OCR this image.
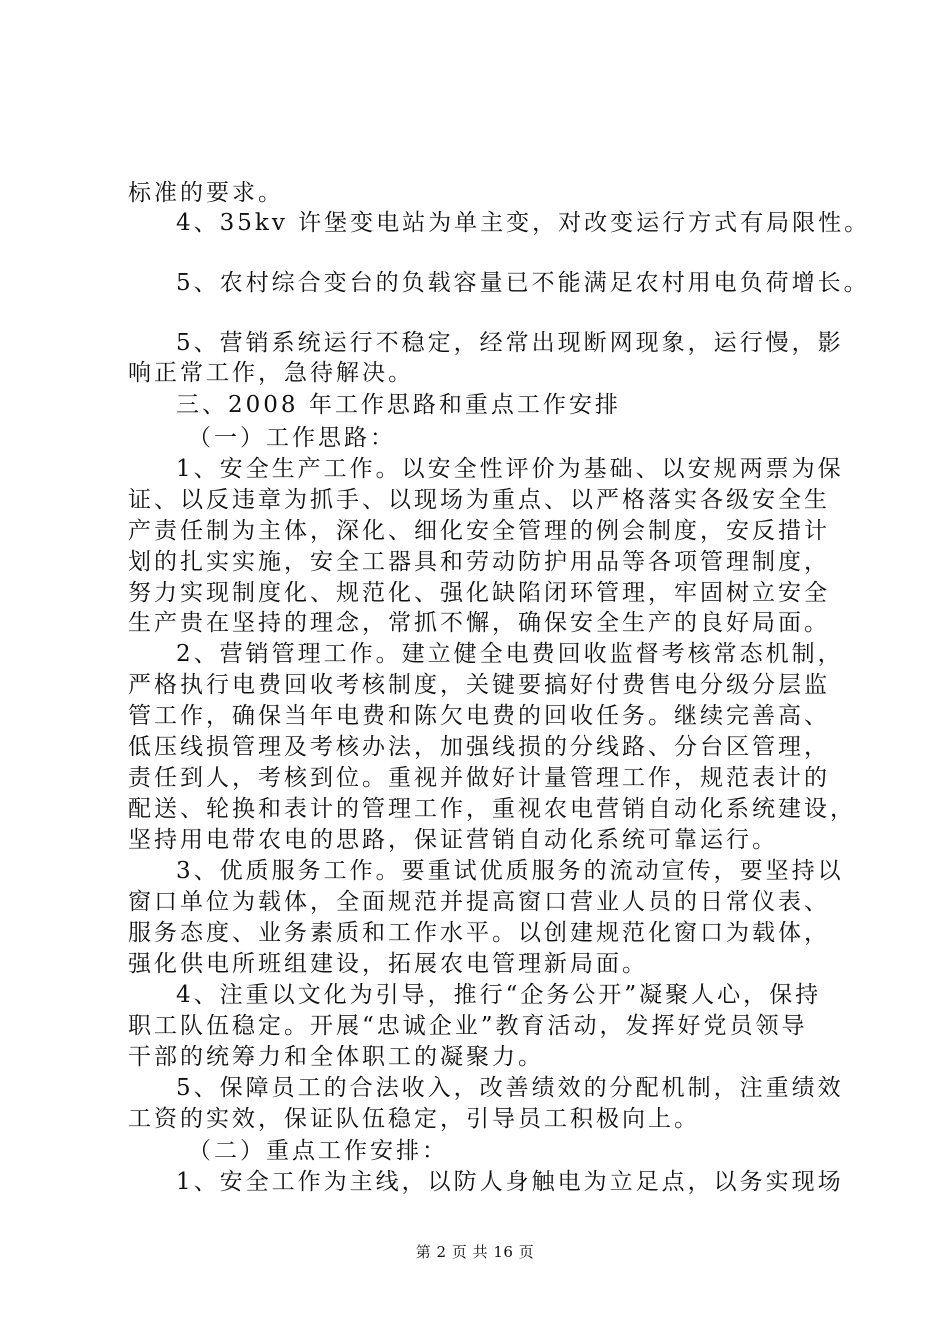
标准的要求。
4、35kv 许堡变电站为单主变，对改变运行方式有局限性。
5、农村综合变台的负载容量已不能满足农村用电负荷增长。
5、营销系统运行不稳定，经常出现断网现象，运行慢，影
响正常工作，急待解决。
三、2008 年工作思路和重点工作安排
（一）工作思路：
1、安全生产工作。以安全性评价为基础、以安规两票为保
证、以反违章为抓手、以现场为重点、以严格落实各级安全生
产责任制为主体，深化、细化安全管理的例会制度，安反措计
划的扎实实施，安全工器具和劳动防护用品等各项管理制度，
努力实现制度化、规范化、强化缺陷闭环管理，牢固树立安全
生产贵在坚持的理念，常抓不懈，确保安全生产的良好局面。
2、营销管理工作。建立健全电费回收监督考核常态机制，
严格执行电费回收考核制度，关键要搞好付费售电分级分层监
管工作，确保当年电费和陈欠电费的回收任务。继续完善高、
低压线损管理及考核办法，加强线损的分线路、分台区管理，
责任到人，考核到位。重视并做好计量管理工作，规范表计的
配送、轮换和表计的管理工作，重视农电营销自动化系统建设，
坚持用电带农电的思路，保证营销自动化系统可靠运行。
3、优质服务工作。要重试优质服务的流动宣传，要坚持以
窗口单位为载体，全面规范并提高窗口营业人员的日常仪表、
服务态度、业务素质和工作水平。以创建规范化窗口为载体，
强化供电所班组建设，拓展农电管理新局面。
4、注重以文化为引导，推行“企务公开”凝聚人心，保持
职工队伍稳定。开展“忠诚企业”教育活动，发挥好党员领导
干部的统筹力和全体职工的凝聚力。
5、保障员工的合法收入，改善绩效的分配机制，注重绩效
工资的实效，保证队伍稳定，引导员工积极向上。
（二）重点工作安排：
1、安全工作为主线，以防人身触电为立足点，以务实现场
第 2 页 共 16 页
